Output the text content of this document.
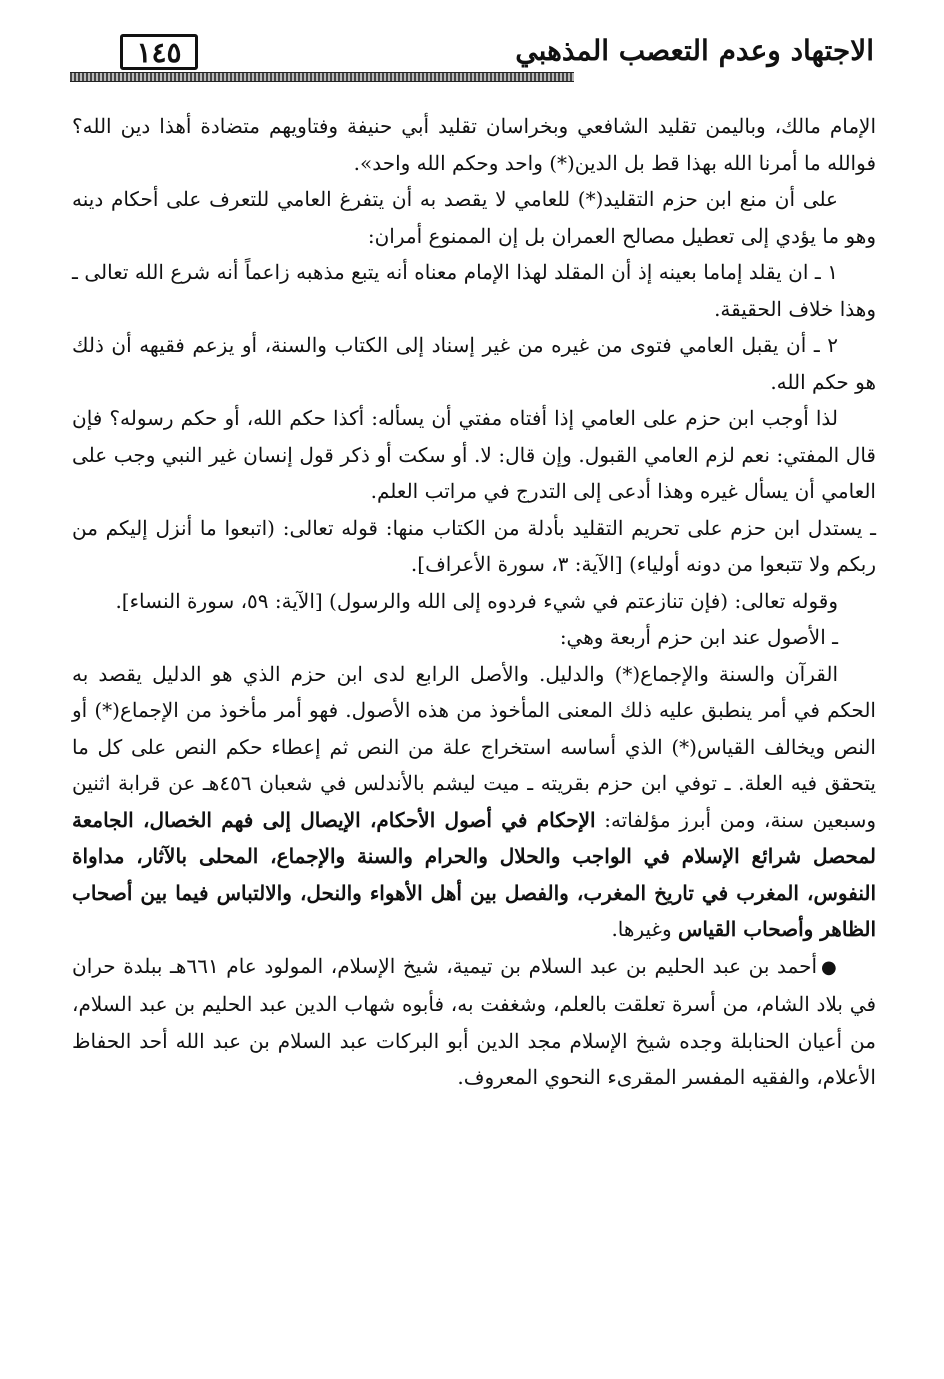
الاجتهاد وعدم التعصب المذهبي
١٤٥

الإمام مالك، وباليمن تقليد الشافعي وبخراسان تقليد أبي حنيفة وفتاويهم متضادة أهذا دين الله؟ فوالله ما أمرنا الله بهذا قط بل الدين(*) واحد وحكم الله واحد».

على أن منع ابن حزم التقليد(*) للعامي لا يقصد به أن يتفرغ العامي للتعرف على أحكام دينه وهو ما يؤدي إلى تعطيل مصالح العمران بل إن الممنوع أمران:

١ ـ ان يقلد إماما بعينه إذ أن المقلد لهذا الإمام معناه أنه يتبع مذهبه زاعماً أنه شرع الله تعالى ـ وهذا خلاف الحقيقة.

٢ ـ أن يقبل العامي فتوى من غيره من غير إسناد إلى الكتاب والسنة، أو يزعم فقيهه أن ذلك هو حكم الله.

لذا أوجب ابن حزم على العامي إذا أفتاه مفتي أن يسأله: أكذا حكم الله، أو حكم رسوله؟ فإن قال المفتي: نعم لزم العامي القبول. وإن قال: لا. أو سكت أو ذكر قول إنسان غير النبي وجب على العامي أن يسأل غيره وهذا أدعى إلى التدرج في مراتب العلم.

ـ يستدل ابن حزم على تحريم التقليد بأدلة من الكتاب منها: قوله تعالى: (اتبعوا ما أنزل إليكم من ربكم ولا تتبعوا من دونه أولياء) [الآية: ٣، سورة الأعراف].

وقوله تعالى: (فإن تنازعتم في شيء فردوه إلى الله والرسول) [الآية: ٥٩، سورة النساء].

ـ الأصول عند ابن حزم أربعة وهي:

القرآن والسنة والإجماع(*) والدليل. والأصل الرابع لدى ابن حزم الذي هو الدليل يقصد به الحكم في أمر ينطبق عليه ذلك المعنى المأخوذ من هذه الأصول. فهو أمر مأخوذ من الإجماع(*) أو النص ويخالف القياس(*) الذي أساسه استخراج علة من النص ثم إعطاء حكم النص على كل ما يتحقق فيه العلة. ـ توفي ابن حزم بقريته ـ ميت ليشم بالأندلس في شعبان ٤٥٦هـ عن قرابة اثنين وسبعين سنة، ومن أبرز مؤلفاته: الإحكام في أصول الأحكام، الإيصال إلى فهم الخصال، الجامعة لمحصل شرائع الإسلام في الواجب والحلال والحرام والسنة والإجماع، المحلى بالآثار، مداواة النفوس، المغرب في تاريخ المغرب، والفصل بين أهل الأهواء والنحل، والالتباس فيما بين أصحاب الظاهر وأصحاب القياس وغيرها.

●أحمد بن عبد الحليم بن عبد السلام بن تيمية، شيخ الإسلام، المولود عام ٦٦١هـ ببلدة حران في بلاد الشام، من أسرة تعلقت بالعلم، وشغفت به، فأبوه شهاب الدين عبد الحليم بن عبد السلام، من أعيان الحنابلة وجده شيخ الإسلام مجد الدين أبو البركات عبد السلام بن عبد الله أحد الحفاظ الأعلام، والفقيه المفسر المقرىء النحوي المعروف.
